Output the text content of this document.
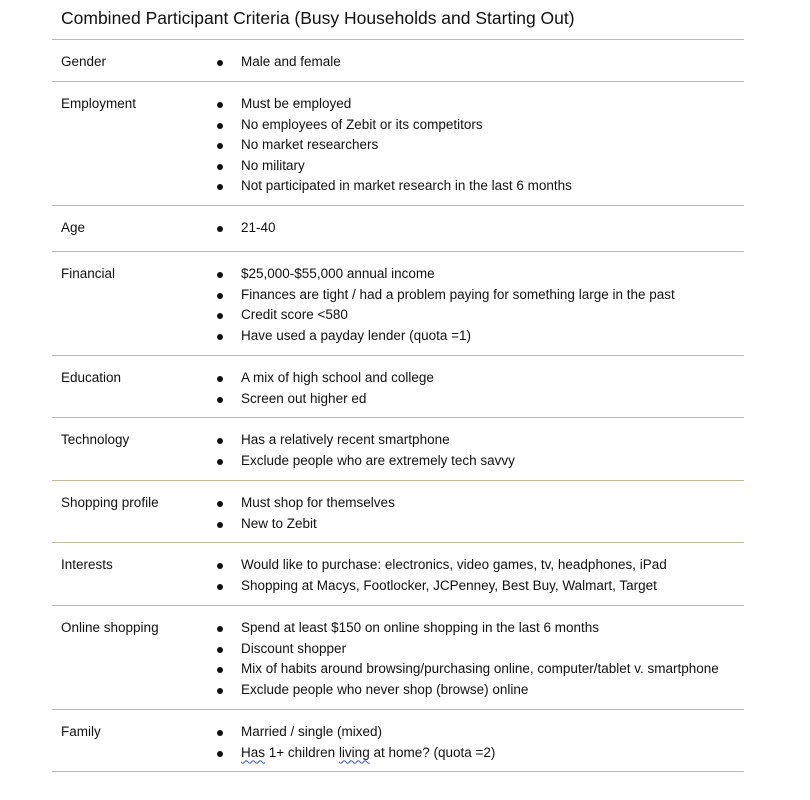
Combined Participant Criteria (Busy Households and Starting Out)
Gender	Male and female
Employment	Must be employed
No employees of Zebit or its competitors
No market researchers
No military
Not participated in market research in the last 6 months
Age	21-40
Financial	$25,000-$55,000 annual income
Finances are tight / had a problem paying for something large in the past
Credit score <580
Have used a payday lender (quota =1)
Education	A mix of high school and college
Screen out higher ed
Technology	Has a relatively recent smartphone
Exclude people who are extremely tech savvy
Shopping profile	Must shop for themselves
New to Zebit
Interests	Would like to purchase: electronics, video games, tv, headphones, iPad
Shopping at Macys, Footlocker, JCPenney, Best Buy, Walmart, Target
Online shopping	Spend at least $150 on online shopping in the last 6 months
Discount shopper
Mix of habits around browsing/purchasing online, computer/tablet v. smartphone
Exclude people who never shop (browse) online
Family	Married / single (mixed)
Has 1+ children living at home? (quota =2)
